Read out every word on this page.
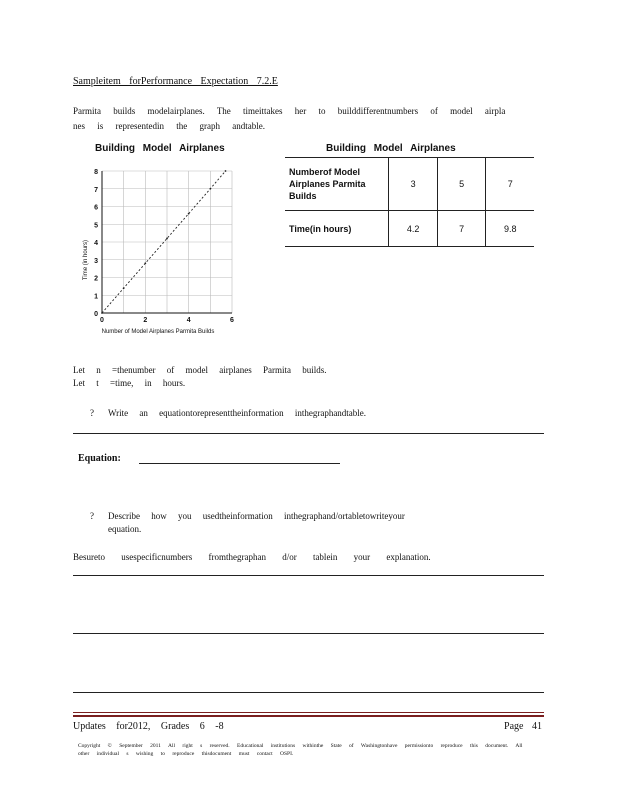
Sampleitem forPerformance Expectation 7.2.E
Parmita builds modelairplanes. The timeittakes her to builddifferentnumbers of model airpla nes is representedin the graph andtable.
Building Model Airplanes
Time (in hours)
Number of Model Airplanes Parmita Builds
0
1
2
3
4
5
6
7
8
0	2	4	6
Building Model Airplanes
Numberof Model Airplanes Parmita Builds	3	5	7
Time(in hours)	4.2	7	9.8
Let n =thenumber of model airplanes Parmita builds.
Let t =time, in hours.
? Write an equationtorepresenttheinformation inthegraphandtable.
Equation:
? Describe how you usedtheinformation inthegraphand/ortabletowriteyour
equation.
Besureto usespecificnumbers fromthegraphan d/or tablein your explanation.
Updates for2012, Grades 6 -8	Page 41
Copyright © September 2011 All right s reserved. Educational institutions withinthe State of Washingtonhave permissionto reproduce this document. All other individual s wishing to reproduce thisdocument must contact OSPI.
